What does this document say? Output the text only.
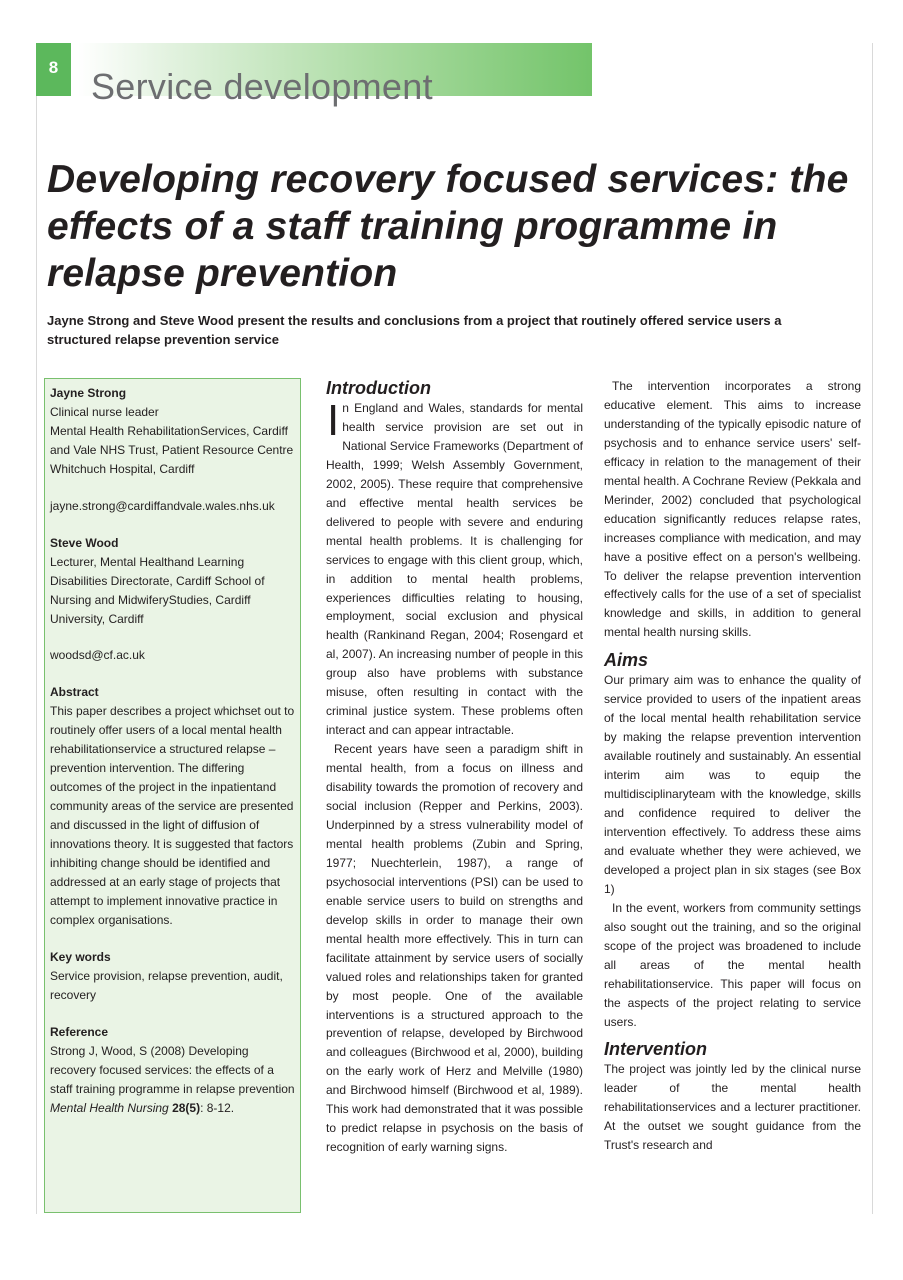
8 Service development
Developing recovery focused services: the effects of a staff training programme in relapse prevention

Jayne Strong and Steve Wood present the results and conclusions from a project that routinely offered service users a structured relapse prevention service

Jayne Strong
Clinical nurse leader
Mental Health RehabilitationServices, Cardiff
and Vale NHS Trust, Patient Resource Centre
Whitchuch Hospital, Cardiff
jayne.strong@cardiffandvale.wales.nhs.uk
Steve Wood
Lecturer, Mental Healthand Learning
Disabilities Directorate, Cardiff School of
Nursing and MidwiferyStudies, Cardiff
University, Cardiff
woodsd@cf.ac.uk
Abstract
This paper describes a project whichset out to routinely offer users of a local mental health rehabilitationservice a structured relapse – prevention intervention. The differing outcomes of the project in the inpatientand community areas of the service are presented and discussed in the light of diffusion of innovations theory. It is suggested that factors inhibiting change should be identified and addressed at an early stage of projects that attempt to implement innovative practice in complex organisations.
Key words
Service provision, relapse prevention, audit, recovery
Reference
Strong J, Wood, S (2008) Developing recovery focused services: the effects of a staff training programme in relapse prevention Mental Health Nursing 28(5): 8-12.
Introduction

In England and Wales, standards for mental health service provision are set out in National Service Frameworks (Department of Health, 1999; Welsh Assembly Government, 2002, 2005). These require that comprehensive and effective mental health services be delivered to people with severe and enduring mental health problems. It is challenging for services to engage with this client group, which, in addition to mental health problems, experiences difficulties relating to housing, employment, social exclusion and physical health (Rankinand Regan, 2004; Rosengard et al, 2007). An increasing number of people in this group also have problems with substance misuse, often resulting in contact with the criminal justice system. These problems often interact and can appear intractable.

Recent years have seen a paradigm shift in mental health, from a focus on illness and disability towards the promotion of recovery and social inclusion (Repper and Perkins, 2003). Underpinned by a stress vulnerability model of mental health problems (Zubin and Spring, 1977; Nuechterlein, 1987), a range of psychosocial interventions (PSI) can be used to enable service users to build on strengths and develop skills in order to manage their own mental health more effectively. This in turn can facilitate attainment by service users of socially valued roles and relationships taken for granted by most people. One of the available interventions is a structured approach to the prevention of relapse, developed by Birchwood and colleagues (Birchwood et al, 2000), building on the early work of Herz and Melville (1980) and Birchwood himself (Birchwood et al, 1989). This work had demonstrated that it was possible to predict relapse in psychosis on the basis of recognition of early warning signs.

The intervention incorporates a strong educative element. This aims to increase understanding of the typically episodic nature of psychosis and to enhance service users' self-efficacy in relation to the management of their mental health. A Cochrane Review (Pekkala and Merinder, 2002) concluded that psychological education significantly reduces relapse rates, increases compliance with medication, and may have a positive effect on a person's wellbeing. To deliver the relapse prevention intervention effectively calls for the use of a set of specialist knowledge and skills, in addition to general mental health nursing skills.

Aims

Our primary aim was to enhance the quality of service provided to users of the inpatient areas of the local mental health rehabilitation service by making the relapse prevention intervention available routinely and sustainably. An essential interim aim was to equip the multidisciplinaryteam with the knowledge, skills and confidence required to deliver the intervention effectively. To address these aims and evaluate whether they were achieved, we developed a project plan in six stages (see Box 1)

In the event, workers from community settings also sought out the training, and so the original scope of the project was broadened to include all areas of the mental health rehabilitationservice. This paper will focus on the aspects of the project relating to service users.

Intervention

The project was jointly led by the clinical nurse leader of the mental health rehabilitationservices and a lecturer practitioner. At the outset we sought guidance from the Trust's research and
